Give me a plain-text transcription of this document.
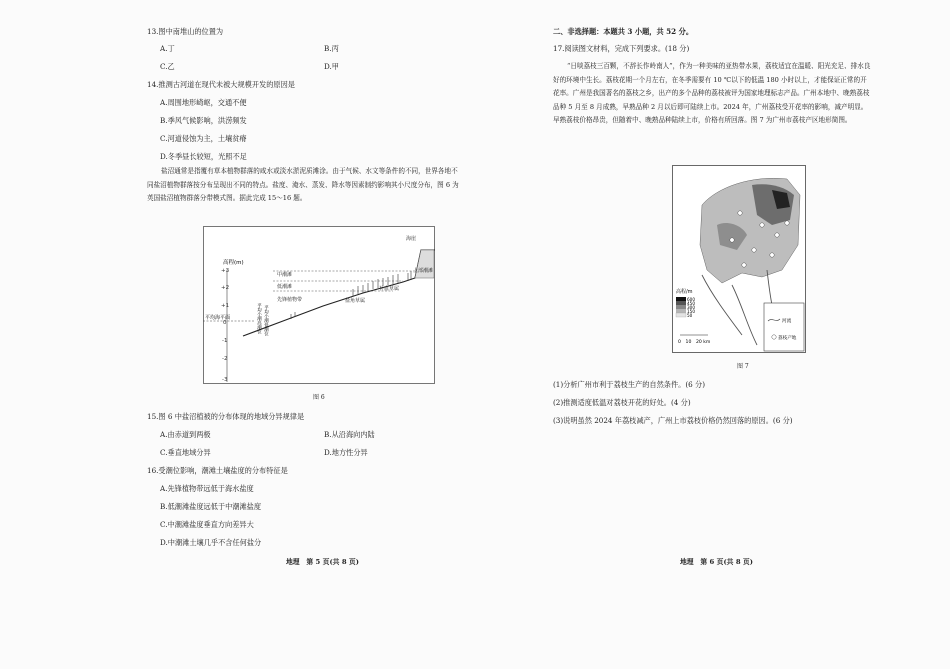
13.图中南堆山的位置为
A.丁	B.丙
C.乙	D.甲
14.推测古河道在现代未被大规模开发的原因是
A.周围地形崎岖，交通不便
B.季风气候影响，洪涝频发
C.河道侵蚀为主，土壤贫瘠
D.冬季昼长较短，光照不足
盐沼通常是指覆有草本植物群落的咸水或淡水淤泥质滩涂。由于气候、水文等条件的不同，世界各地不同盐沼植物群落按分布呈现出不同的特点。盐度、淹水、蒸发、降水等因素制约影响其小尺度分布，图 6 为英国盐沼植物群落分带模式图。据此完成 15～16 题。
高程(m)
+3
+2
+1
0
-1
-2
-3
平均海平面
海崖
上部潮滩
中潮滩
低潮滩
先锋植物带	盐角草属
补血草属
平均小潮高潮位 平均小潮低潮位
图 6
15.图 6 中盐沼植被的分布体现的地域分异规律是
A.由赤道到两极	B.从沿海向内陆
C.垂直地域分异	D.地方性分异
16.受潮位影响，潮滩土壤盐度的分布特征是
A.先锋植物带远低于海水盐度
B.低潮滩盐度远低于中潮滩盐度
C.中潮滩盐度垂直方向差异大
D.中潮滩土壤几乎不含任何盐分
地理　第 5 页(共 8 页)
二、非选择题：本题共 3 小题，共 52 分。
17.阅读图文材料，完成下列要求。(18 分)
“日啖荔枝三百颗，不辞长作岭南人”，作为一种美味的亚热带水果，荔枝适宜在温暖、阳光充足、排水良好的环境中生长。荔枝花期一个月左右，在冬季需要有 10 ℃以下的低温 180 小时以上，才能保证正常的开花率。广州是我国著名的荔枝之乡，出产的多个品种的荔枝被评为国家地理标志产品。广州本地中、晚熟荔枝品种 5 月至 8 月成熟，早熟品种 2 月以后即可陆续上市。2024 年，广州荔枝受开花率的影响，减产明显。早熟荔枝价格昂贵，但随着中、晚熟品种陆续上市，价格有所回落。图 7 为广州市荔枝产区地形简图。
高程/m
600
450
300
150
50
0　10　20 km
河流
荔枝产地
图 7
(1)分析广州市利于荔枝生产的自然条件。(6 分)
(2)推测适度低温对荔枝开花的好处。(4 分)
(3)说明虽然 2024 年荔枝减产，广州上市荔枝价格仍然回落的原因。(6 分)
地理　第 6 页(共 8 页)
